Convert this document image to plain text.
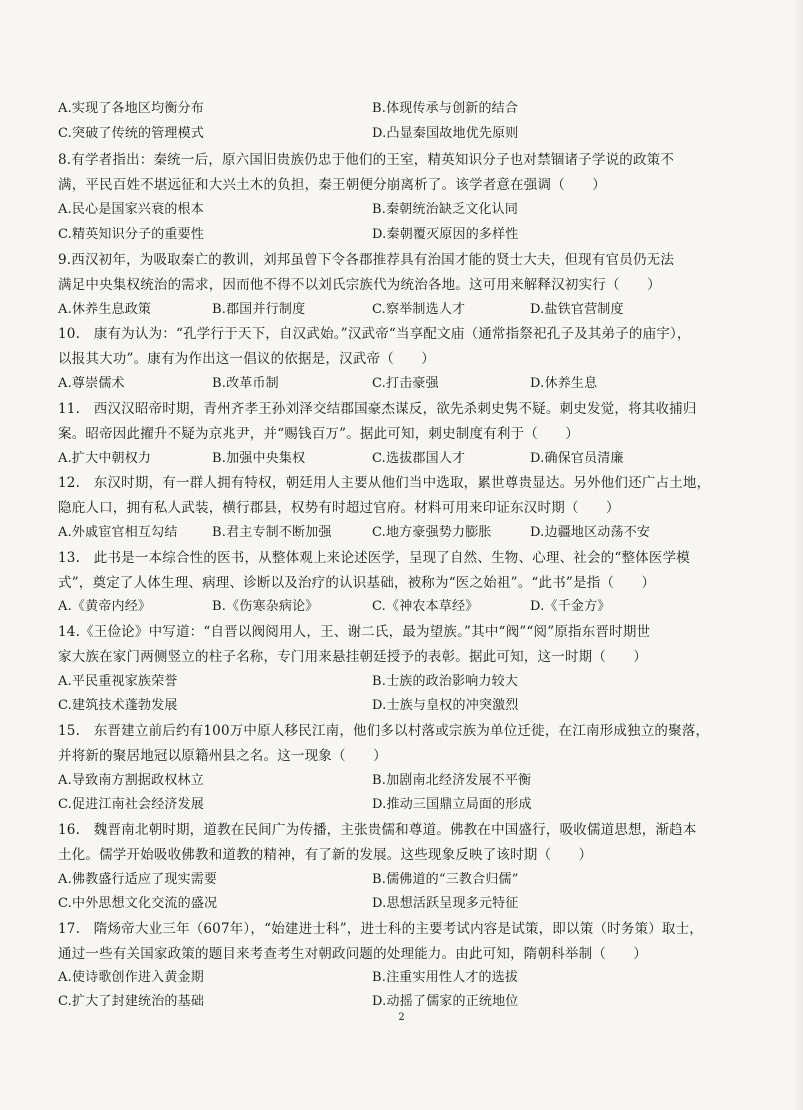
A.实现了各地区均衡分布	B.体现传承与创新的结合
C.突破了传统的管理模式	D.凸显秦国故地优先原则
8.有学者指出：秦统一后，原六国旧贵族仍忠于他们的王室，精英知识分子也对禁锢诸子学说的政策不
满，平民百姓不堪远征和大兴土木的负担，秦王朝便分崩离析了。该学者意在强调（　　）
A.民心是国家兴衰的根本	B.秦朝统治缺乏文化认同
C.精英知识分子的重要性	D.秦朝覆灭原因的多样性
9.西汉初年，为吸取秦亡的教训，刘邦虽曾下令各郡推荐具有治国才能的贤士大夫，但现有官员仍无法
满足中央集权统治的需求，因而他不得不以刘氏宗族代为统治各地。这可用来解释汉初实行（　　）
A.休养生息政策	B.郡国并行制度	C.察举制选人才	D.盐铁官营制度
10.　康有为认为：“孔学行于天下，自汉武始。”汉武帝“当享配文庙（通常指祭祀孔子及其弟子的庙宇），
以报其大功”。康有为作出这一倡议的依据是，汉武帝（　　）
A.尊崇儒术	B.改革币制	C.打击豪强	D.休养生息
11.　西汉汉昭帝时期，青州齐孝王孙刘泽交结郡国豪杰谋反，欲先杀刺史隽不疑。刺史发觉，将其收捕归
案。昭帝因此擢升不疑为京兆尹，并“赐钱百万”。据此可知，刺史制度有利于（　　）
A.扩大中朝权力	B.加强中央集权	C.选拔郡国人才	D.确保官员清廉
12.　东汉时期，有一群人拥有特权，朝廷用人主要从他们当中选取，累世尊贵显达。另外他们还广占土地，
隐庇人口，拥有私人武装，横行郡县，权势有时超过官府。材料可用来印证东汉时期（　　）
A.外戚宦官相互勾结	B.君主专制不断加强	C.地方豪强势力膨胀	D.边疆地区动荡不安
13.　此书是一本综合性的医书，从整体观上来论述医学，呈现了自然、生物、心理、社会的“整体医学模
式”，奠定了人体生理、病理、诊断以及治疗的认识基础，被称为“医之始祖”。“此书”是指（　　）
A.《黄帝内经》	B.《伤寒杂病论》	C.《神农本草经》	D.《千金方》
14.《王俭论》中写道：“自晋以阀阅用人，王、谢二氏，最为望族。”其中“阀”“阅”原指东晋时期世
家大族在家门两侧竖立的柱子名称，专门用来悬挂朝廷授予的表彰。据此可知，这一时期（　　）
A.平民重视家族荣誉	B.士族的政治影响力较大
C.建筑技术蓬勃发展	D.士族与皇权的冲突激烈
15.　东晋建立前后约有100万中原人移民江南，他们多以村落或宗族为单位迁徙，在江南形成独立的聚落，
并将新的聚居地冠以原籍州县之名。这一现象（　　）
A.导致南方割据政权林立	B.加剧南北经济发展不平衡
C.促进江南社会经济发展	D.推动三国鼎立局面的形成
16.　魏晋南北朝时期，道教在民间广为传播，主张贵儒和尊道。佛教在中国盛行，吸收儒道思想，渐趋本
土化。儒学开始吸收佛教和道教的精神，有了新的发展。这些现象反映了该时期（　　）
A.佛教盛行适应了现实需要	B.儒佛道的“三教合归儒”
C.中外思想文化交流的盛况	D.思想活跃呈现多元特征
17.　隋炀帝大业三年（607年），“始建进士科”，进士科的主要考试内容是试策，即以策（时务策）取士，
通过一些有关国家政策的题目来考查考生对朝政问题的处理能力。由此可知，隋朝科举制（　　）
A.使诗歌创作进入黄金期	B.注重实用性人才的选拔
C.扩大了封建统治的基础	D.动摇了儒家的正统地位
2
